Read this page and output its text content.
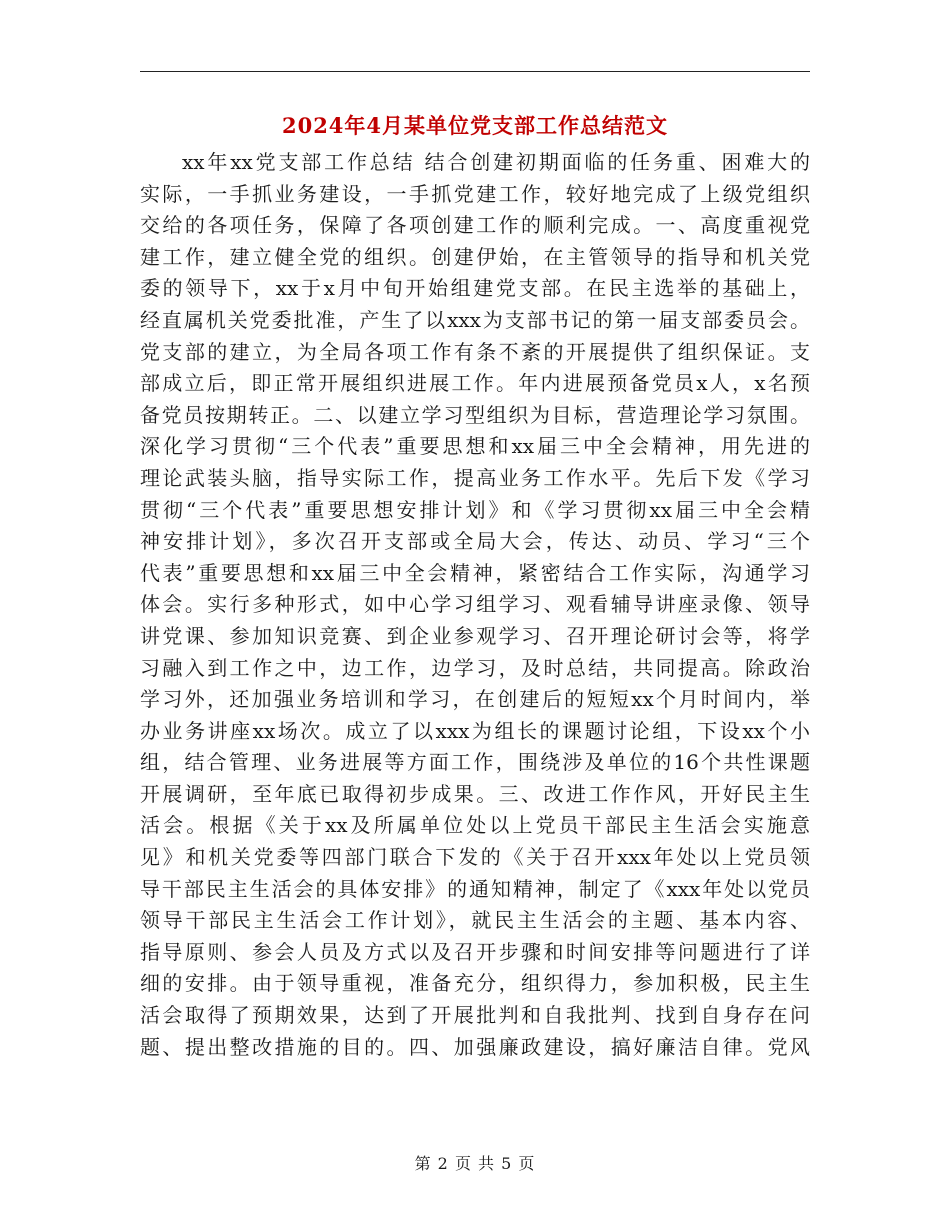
2024年4月某单位党支部工作总结范文
xx年xx党支部工作总结 结合创建初期面临的任务重、困难大的
实际，一手抓业务建设，一手抓党建工作，较好地完成了上级党组织
交给的各项任务，保障了各项创建工作的顺利完成。一、高度重视党
建工作，建立健全党的组织。创建伊始，在主管领导的指导和机关党
委的领导下，xx于x月中旬开始组建党支部。在民主选举的基础上，
经直属机关党委批准，产生了以xxx为支部书记的第一届支部委员会。
党支部的建立，为全局各项工作有条不紊的开展提供了组织保证。支
部成立后，即正常开展组织进展工作。年内进展预备党员x人，x名预
备党员按期转正。二、以建立学习型组织为目标，营造理论学习氛围。
深化学习贯彻“三个代表”重要思想和xx届三中全会精神，用先进的
理论武装头脑，指导实际工作，提高业务工作水平。先后下发《学习
贯彻“三个代表”重要思想安排计划》和《学习贯彻xx届三中全会精
神安排计划》，多次召开支部或全局大会，传达、动员、学习“三个
代表”重要思想和xx届三中全会精神，紧密结合工作实际，沟通学习
体会。实行多种形式，如中心学习组学习、观看辅导讲座录像、领导
讲党课、参加知识竞赛、到企业参观学习、召开理论研讨会等，将学
习融入到工作之中，边工作，边学习，及时总结，共同提高。除政治
学习外，还加强业务培训和学习，在创建后的短短xx个月时间内，举
办业务讲座xx场次。成立了以xxx为组长的课题讨论组，下设xx个小
组，结合管理、业务进展等方面工作，围绕涉及单位的16个共性课题
开展调研，至年底已取得初步成果。三、改进工作作风，开好民主生
活会。根据《关于xx及所属单位处以上党员干部民主生活会实施意
见》和机关党委等四部门联合下发的《关于召开xxx年处以上党员领
导干部民主生活会的具体安排》的通知精神，制定了《xxx年处以党员
领导干部民主生活会工作计划》，就民主生活会的主题、基本内容、
指导原则、参会人员及方式以及召开步骤和时间安排等问题进行了详
细的安排。由于领导重视，准备充分，组织得力，参加积极，民主生
活会取得了预期效果，达到了开展批判和自我批判、找到自身存在问
题、提出整改措施的目的。四、加强廉政建设，搞好廉洁自律。党风
第 2 页 共 5 页
